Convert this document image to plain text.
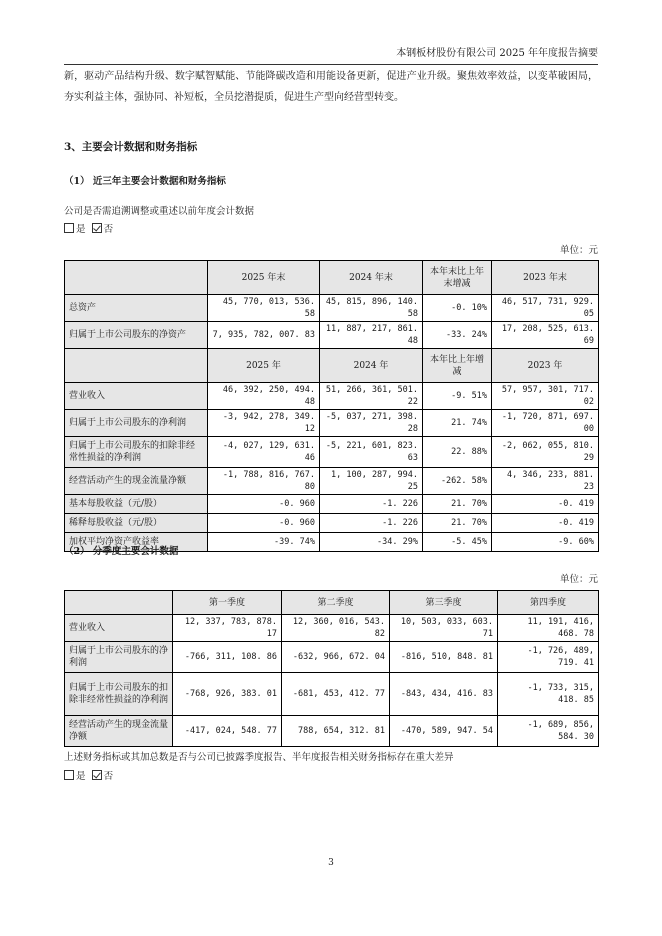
本钢板材股份有限公司 2025 年年度报告摘要
新，驱动产品结构升级、数字赋智赋能、节能降碳改造和用能设备更新，促进产业升级。聚焦效率效益，以变革破困局，夯实利益主体，强协同、补短板，全员挖潜提质，促进生产型向经营型转变。
3、主要会计数据和财务指标
（1） 近三年主要会计数据和财务指标
公司是否需追溯调整或重述以前年度会计数据
是 否
单位：元
	2025 年末	2024 年末	本年末比上年末增减	2023 年末
总资产	45, 770, 013, 536. 58	45, 815, 896, 140. 58	-0. 10%	46, 517, 731, 929. 05
归属于上市公司股东的净资产	7, 935, 782, 007. 83	11, 887, 217, 861. 48	-33. 24%	17, 208, 525, 613. 69
	2025 年	2024 年	本年比上年增减	2023 年
营业收入	46, 392, 250, 494. 48	51, 266, 361, 501. 22	-9. 51%	57, 957, 301, 717. 02
归属于上市公司股东的净利润	-3, 942, 278, 349. 12	-5, 037, 271, 398. 28	21. 74%	-1, 720, 871, 697. 00
归属于上市公司股东的扣除非经常性损益的净利润	-4, 027, 129, 631. 46	-5, 221, 601, 823. 63	22. 88%	-2, 062, 055, 810. 29
经营活动产生的现金流量净额	-1, 788, 816, 767. 80	1, 100, 287, 994. 25	-262. 58%	4, 346, 233, 881. 23
基本每股收益（元/股）	-0. 960	-1. 226	21. 70%	-0. 419
稀释每股收益（元/股）	-0. 960	-1. 226	21. 70%	-0. 419
加权平均净资产收益率	-39. 74%	-34. 29%	-5. 45%	-9. 60%
（2） 分季度主要会计数据
单位：元
	第一季度	第二季度	第三季度	第四季度
营业收入	12, 337, 783, 878. 17	12, 360, 016, 543. 82	10, 503, 033, 603. 71	11, 191, 416, 468. 78
归属于上市公司股东的净利润	-766, 311, 108. 86	-632, 966, 672. 04	-816, 510, 848. 81	-1, 726, 489, 719. 41
归属于上市公司股东的扣除非经常性损益的净利润	-768, 926, 383. 01	-681, 453, 412. 77	-843, 434, 416. 83	-1, 733, 315, 418. 85
经营活动产生的现金流量净额	-417, 024, 548. 77	788, 654, 312. 81	-470, 589, 947. 54	-1, 689, 856, 584. 30
上述财务指标或其加总数是否与公司已披露季度报告、半年度报告相关财务指标存在重大差异
是 否
3
